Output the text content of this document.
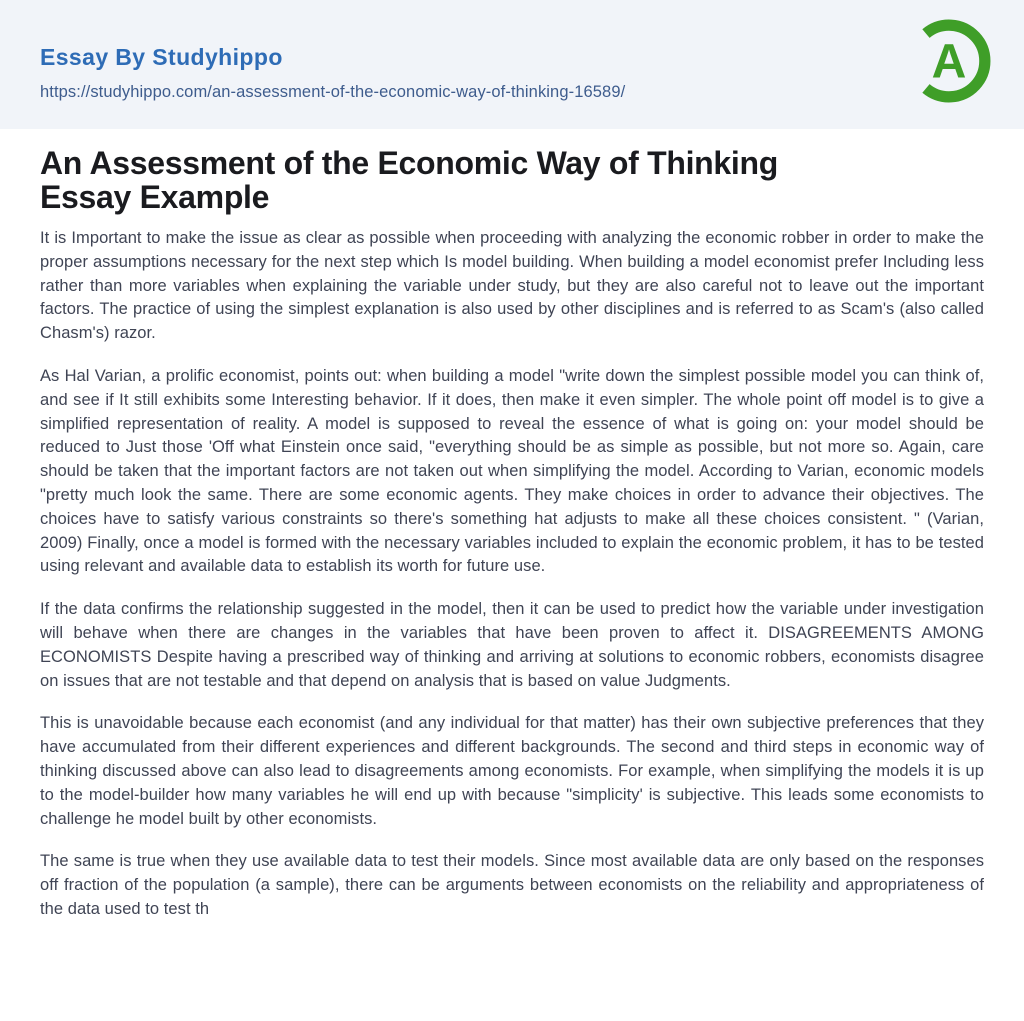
Essay By Studyhippo
https://studyhippo.com/an-assessment-of-the-economic-way-of-thinking-16589/
A
An Assessment of the Economic Way of Thinking
Essay Example

It is Important to make the issue as clear as possible when proceeding with analyzing the economic robber in order to make the proper assumptions necessary for the next step which Is model building. When building a model economist prefer Including less rather than more variables when explaining the variable under study, but they are also careful not to leave out the important factors. The practice of using the simplest explanation is also used by other disciplines and is referred to as Scam's (also called Chasm's) razor.

As Hal Varian, a prolific economist, points out: when building a model "write down the simplest possible model you can think of, and see if It still exhibits some Interesting behavior. If it does, then make it even simpler. The whole point off model is to give a simplified representation of reality. A model is supposed to reveal the essence of what is going on: your model should be reduced to Just those 'Off what Einstein once said, "everything should be as simple as possible, but not more so. Again, care should be taken that the important factors are not taken out when simplifying the model. According to Varian, economic models "pretty much look the same. There are some economic agents. They make choices in order to advance their objectives. The choices have to satisfy various constraints so there's something hat adjusts to make all these choices consistent. " (Varian, 2009) Finally, once a model is formed with the necessary variables included to explain the economic problem, it has to be tested using relevant and available data to establish its worth for future use.

If the data confirms the relationship suggested in the model, then it can be used to predict how the variable under investigation will behave when there are changes in the variables that have been proven to affect it. DISAGREEMENTS AMONG ECONOMISTS Despite having a prescribed way of thinking and arriving at solutions to economic robbers, economists disagree on issues that are not testable and that depend on analysis that is based on value Judgments.

This is unavoidable because each economist (and any individual for that matter) has their own subjective preferences that they have accumulated from their different experiences and different backgrounds. The second and third steps in economic way of thinking discussed above can also lead to disagreements among economists. For example, when simplifying the models it is up to the model-builder how many variables he will end up with because "simplicity' is subjective. This leads some economists to challenge he model built by other economists.

The same is true when they use available data to test their models. Since most available data are only based on the responses off fraction of the population (a sample), there can be arguments between economists on the reliability and appropriateness of the data used to test th
